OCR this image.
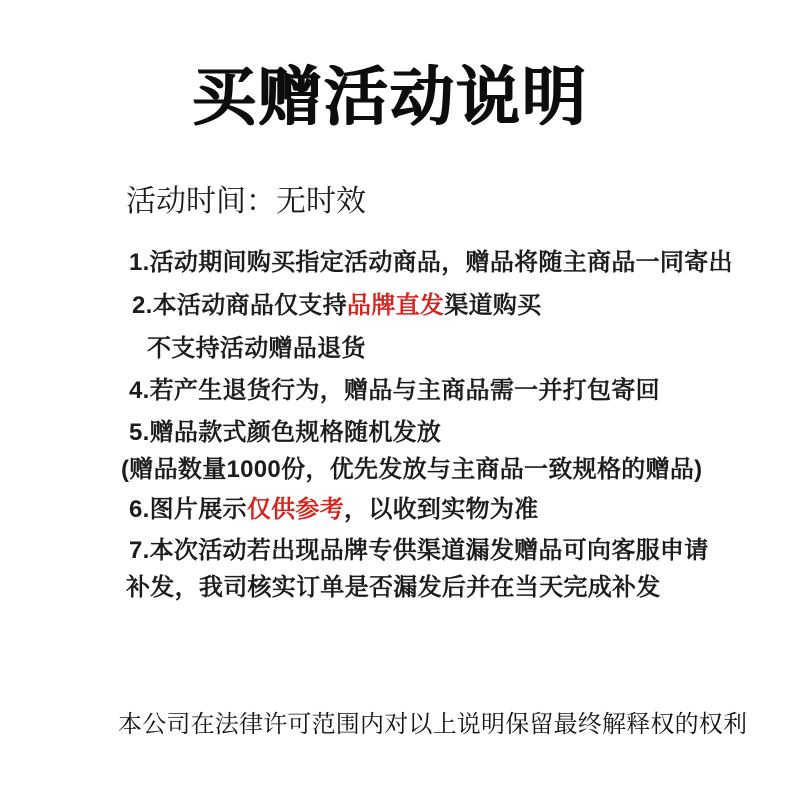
买赠活动说明
活动时间：无时效
1.活动期间购买指定活动商品，赠品将随主商品一同寄出
2.本活动商品仅支持品牌直发渠道购买
不支持活动赠品退货
4.若产生退货行为，赠品与主商品需一并打包寄回
5.赠品款式颜色规格随机发放
(赠品数量1000份，优先发放与主商品一致规格的赠品)
6.图片展示仅供参考，以收到实物为准
7.本次活动若出现品牌专供渠道漏发赠品可向客服申请
补发，我司核实订单是否漏发后并在当天完成补发
本公司在法律许可范围内对以上说明保留最终解释权的权利
